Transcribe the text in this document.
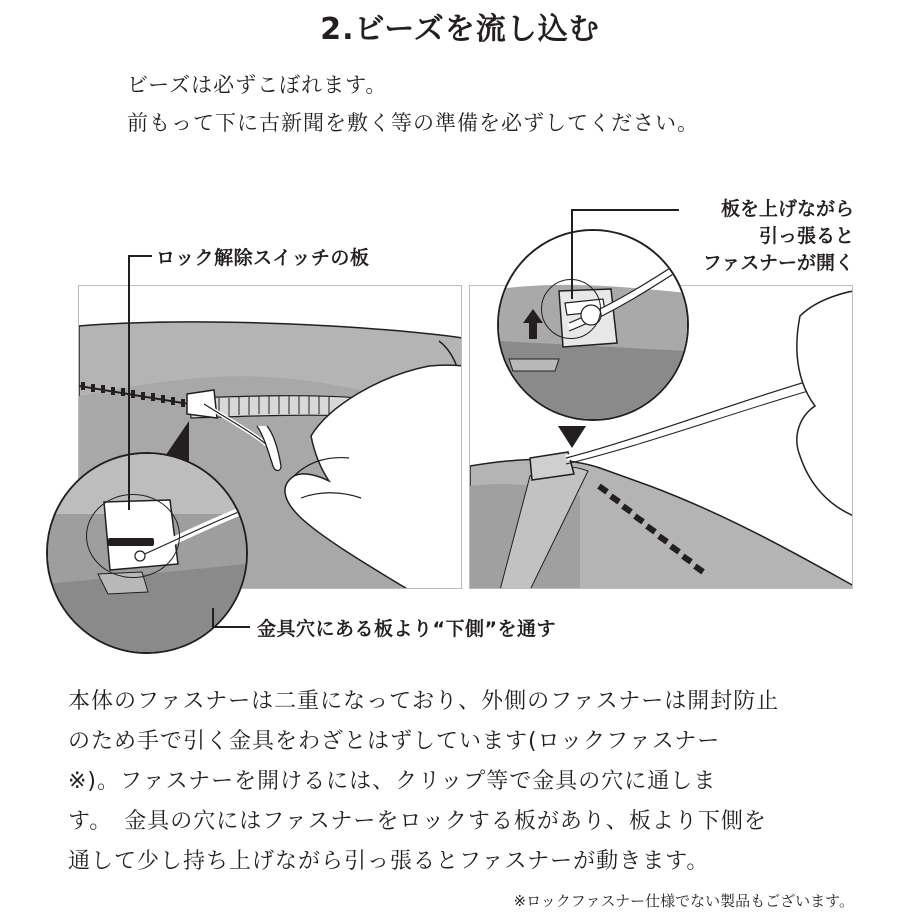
2.ビーズを流し込む
ビーズは必ずこぼれます。
前もって下に古新聞を敷く等の準備を必ずしてください。
ロック解除スイッチの板
金具穴にある板より“下側”を通す
板を上げながら
引っ張ると
ファスナーが開く
本体のファスナーは二重になっており、外側のファスナーは開封防止
のため手で引く金具をわざとはずしています(ロックファスナー
※)。ファスナーを開けるには、クリップ等で金具の穴に通しま
す。　金具の穴にはファスナーをロックする板があり、板より下側を
通して少し持ち上げながら引っ張るとファスナーが動きます。
※ロックファスナー仕様でない製品もございます。
